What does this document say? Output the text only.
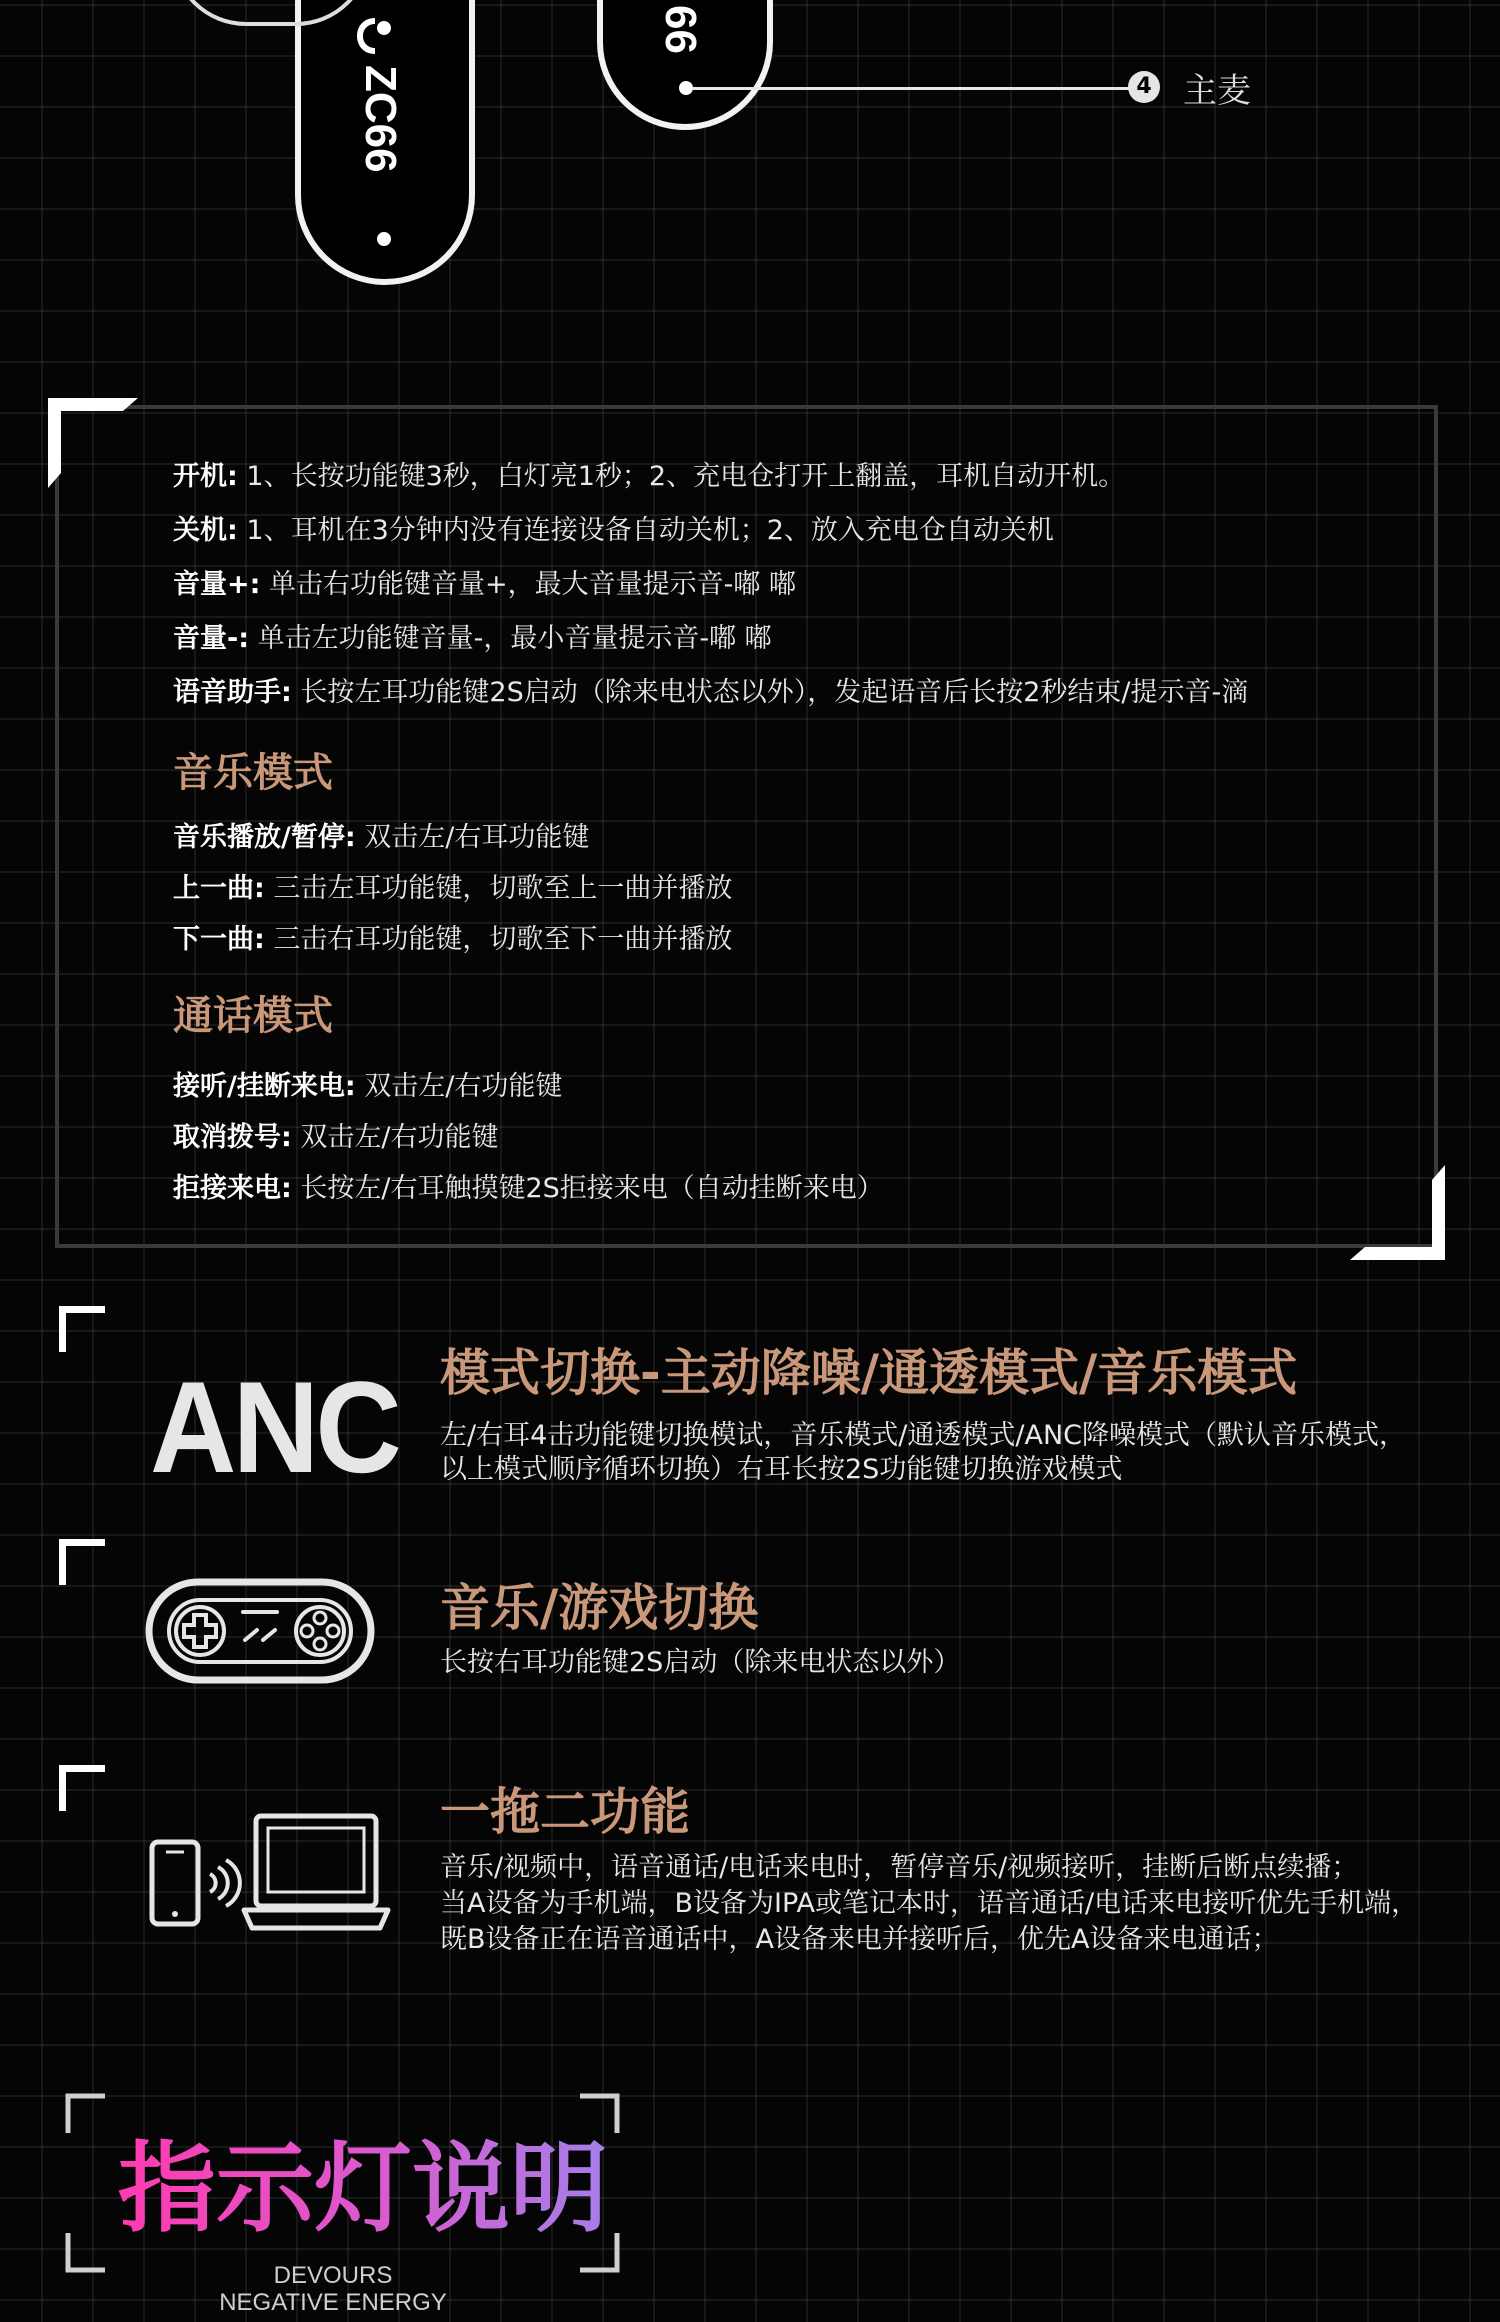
ZC66
66
4 主麦
开机: 1、长按功能键3秒，白灯亮1秒；2、充电仓打开上翻盖，耳机自动开机。
关机: 1、耳机在3分钟内没有连接设备自动关机；2、放入充电仓自动关机
音量+: 单击右功能键音量+，最大音量提示音-嘟 嘟
音量-: 单击左功能键音量-，最小音量提示音-嘟 嘟
语音助手: 长按左耳功能键2S启动（除来电状态以外），发起语音后长按2秒结束/提示音-滴
音乐模式
音乐播放/暂停: 双击左/右耳功能键
上一曲: 三击左耳功能键，切歌至上一曲并播放
下一曲: 三击右耳功能键，切歌至下一曲并播放
通话模式
接听/挂断来电: 双击左/右功能键
取消拨号: 双击左/右功能键
拒接来电: 长按左/右耳触摸键2S拒接来电（自动挂断来电）
ANC 模式切换-主动降噪/通透模式/音乐模式
左/右耳4击功能键切换模试，音乐模式/通透模式/ANC降噪模式（默认音乐模式，
以上模式顺序循环切换）右耳长按2S功能键切换游戏模式
音乐/游戏切换
长按右耳功能键2S启动（除来电状态以外）
一拖二功能
音乐/视频中，语音通话/电话来电时，暂停音乐/视频接听，挂断后断点续播；
当A设备为手机端，B设备为IPA或笔记本时，语音通话/电话来电接听优先手机端，
既B设备正在语音通话中，A设备来电并接听后，优先A设备来电通话；
指示灯说明
DEVOURS
NEGATIVE ENERGY
